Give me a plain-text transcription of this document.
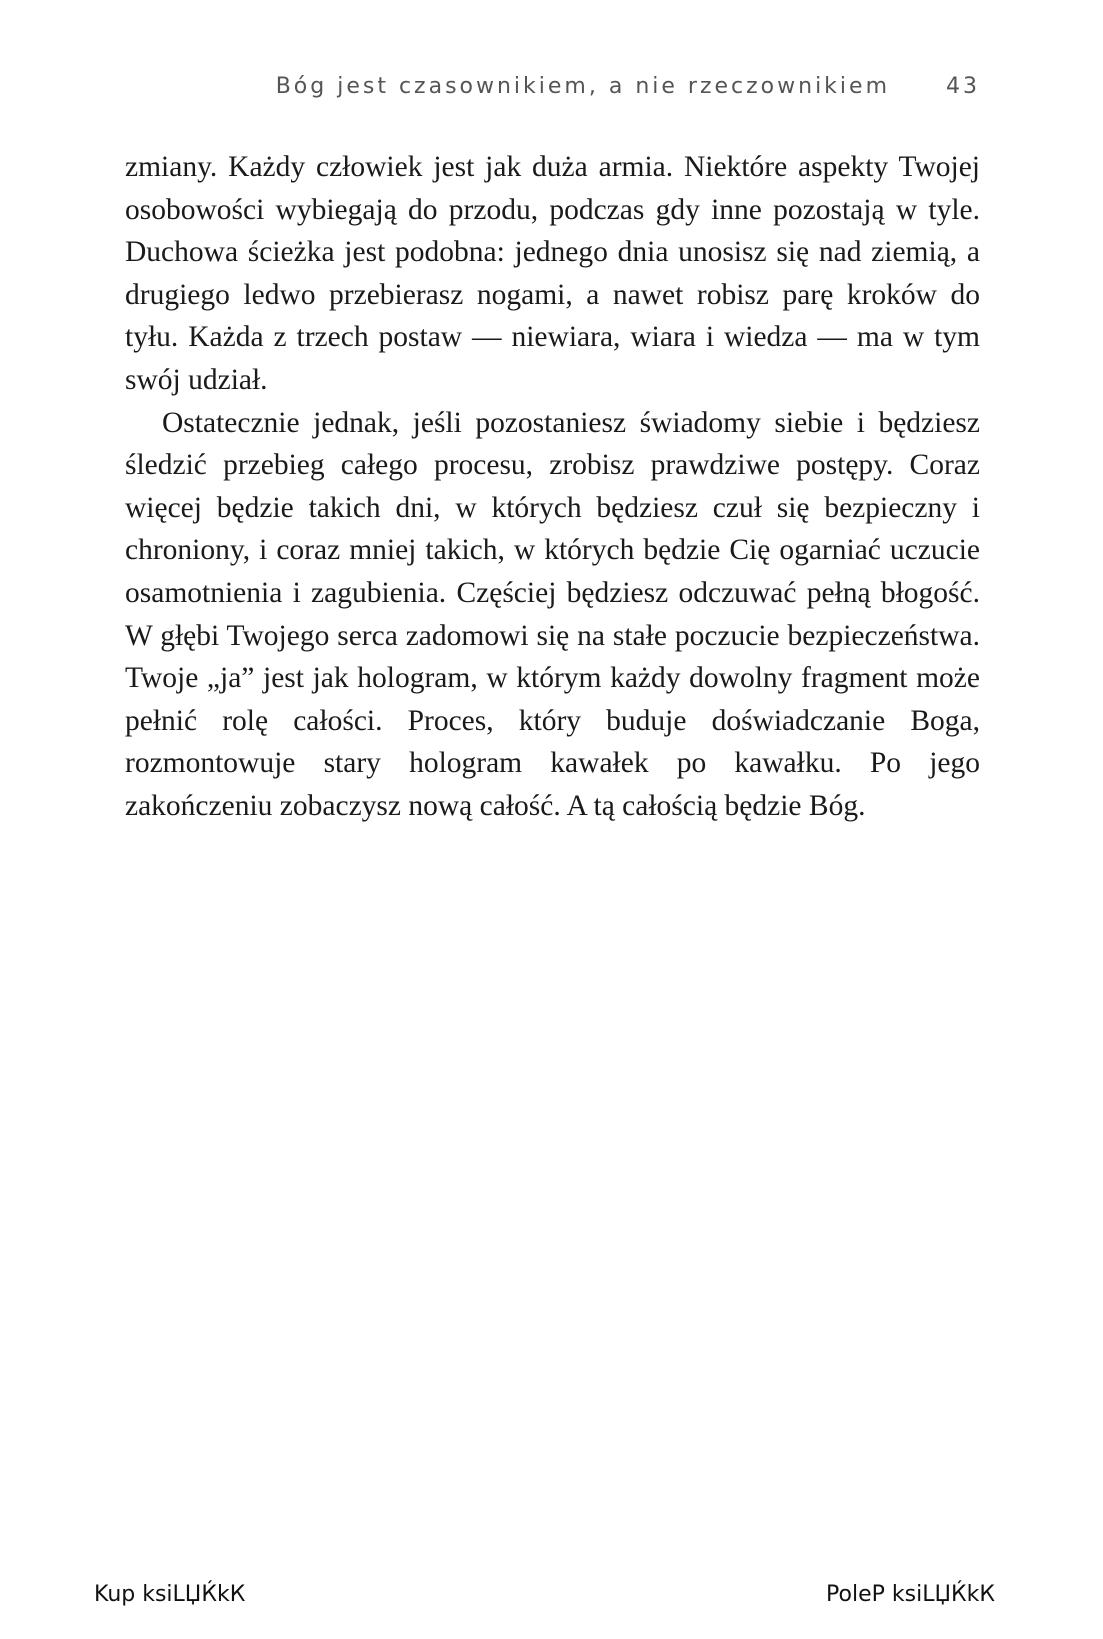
Bóg jest czasownikiem, a nie rzeczownikiem	43

zmiany. Każdy człowiek jest jak duża armia. Niektóre aspekty Twojej osobowości wybiegają do przodu, podczas gdy inne pozostają w tyle. Duchowa ścieżka jest podobna: jednego dnia unosisz się nad ziemią, a drugiego ledwo przebierasz nogami, a nawet robisz parę kroków do tyłu. Każda z trzech postaw — niewiara, wiara i wiedza — ma w tym swój udział.

Ostatecznie jednak, jeśli pozostaniesz świadomy siebie i będziesz śledzić przebieg całego procesu, zrobisz prawdziwe postępy. Coraz więcej będzie takich dni, w których będziesz czuł się bezpieczny i chroniony, i coraz mniej takich, w których będzie Cię ogarniać uczucie osamotnienia i zagubienia. Częściej będziesz odczuwać pełną błogość. W głębi Twojego serca zadomowi się na stałe poczucie bezpieczeństwa. Twoje „ja” jest jak hologram, w którym każdy dowolny fragment może pełnić rolę całości. Proces, który buduje doświadczanie Boga, rozmontowuje stary hologram kawałek po kawałku. Po jego zakończeniu zobaczysz nową całość. A tą całością będzie Bóg.

Kup ksiLЏЌkК	PoleP ksiLЏЌkК
